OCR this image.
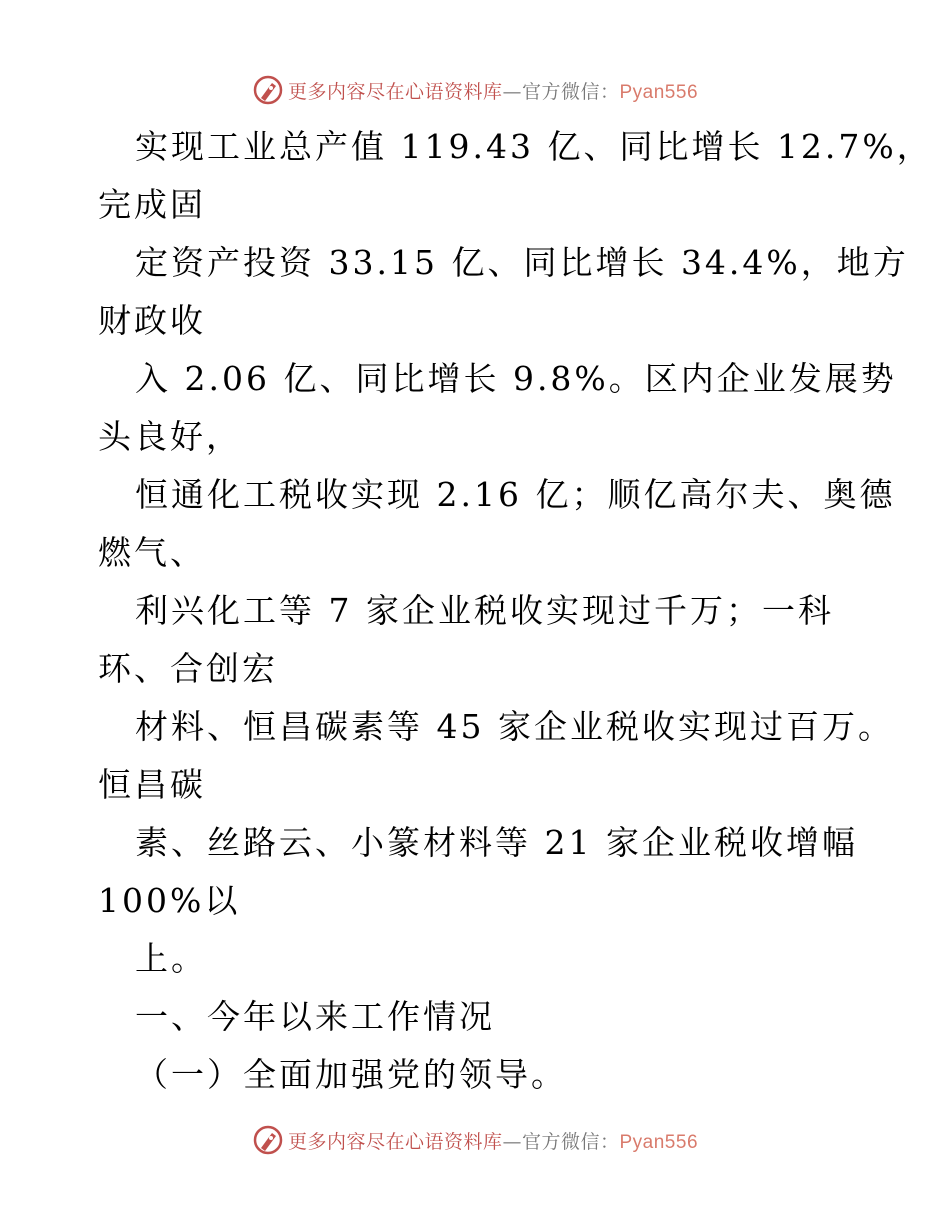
更多内容尽在心语资料库—官方微信：Pyan556
实现工业总产值 119.43 亿、同比增长 12.7%，
完成固
定资产投资 33.15 亿、同比增长 34.4%，地方
财政收
入 2.06 亿、同比增长 9.8%。区内企业发展势
头良好，
恒通化工税收实现 2.16 亿；顺亿高尔夫、奥德
燃气、
利兴化工等 7 家企业税收实现过千万；一科
环、合创宏
材料、恒昌碳素等 45 家企业税收实现过百万。
恒昌碳
素、丝路云、小篆材料等 21 家企业税收增幅
100%以
上。
一、今年以来工作情况
（一）全面加强党的领导。
更多内容尽在心语资料库—官方微信：Pyan556
